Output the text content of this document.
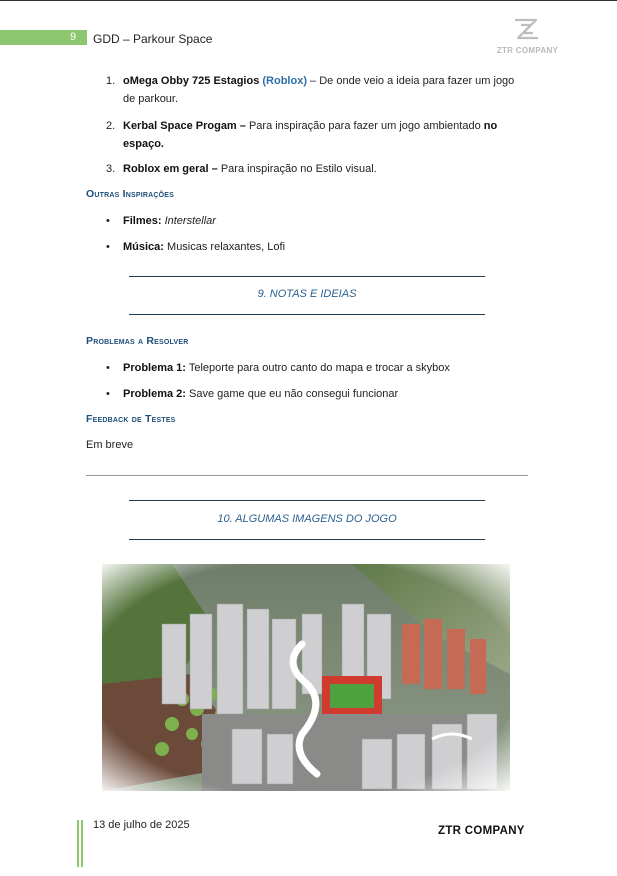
9 GDD – Parkour Space
ZTR COMPANY
1. oMega Obby 725 Estagios (Roblox) – De onde veio a ideia para fazer um jogo de parkour.
2. Kerbal Space Progam – Para inspiração para fazer um jogo ambientado no espaço.
3. Roblox em geral – Para inspiração no Estilo visual.
Outras Inspirações
• Filmes: Interstellar
• Música: Musicas relaxantes, Lofi
9. NOTAS E IDEIAS
Problemas a Resolver
• Problema 1: Teleporte para outro canto do mapa e trocar a skybox
• Problema 2: Save game que eu não consegui funcionar
Feedback de Testes
Em breve
10. ALGUMAS IMAGENS DO JOGO
13 de julho de 2025	ZTR COMPANY
